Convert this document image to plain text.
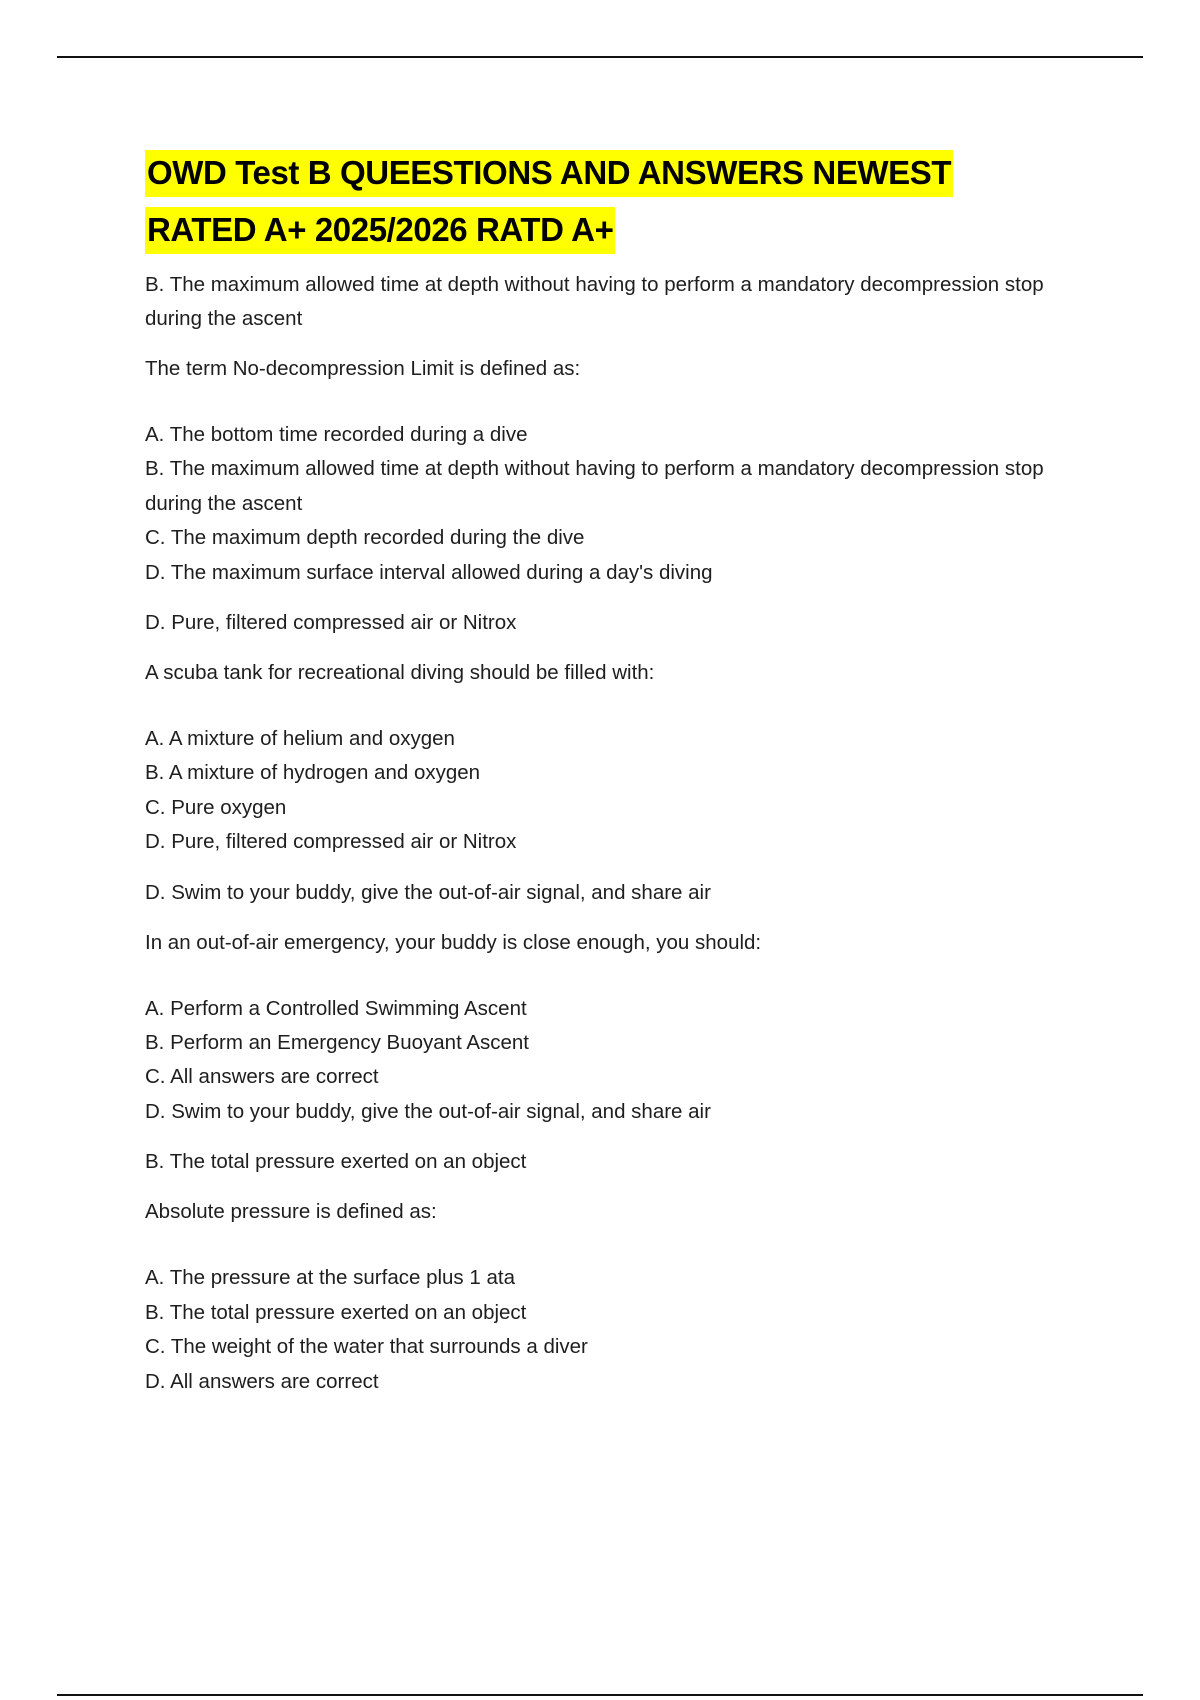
OWD Test B QUEESTIONS AND ANSWERS NEWEST
RATED A+ 2025/2026 RATD A+

B. The maximum allowed time at depth without having to perform a mandatory decompression stop during the ascent

The term No-decompression Limit is defined as:

A. The bottom time recorded during a dive
B. The maximum allowed time at depth without having to perform a mandatory decompression stop during the ascent
C. The maximum depth recorded during the dive
D. The maximum surface interval allowed during a day's diving

D. Pure, filtered compressed air or Nitrox

A scuba tank for recreational diving should be filled with:

A. A mixture of helium and oxygen
B. A mixture of hydrogen and oxygen
C. Pure oxygen
D. Pure, filtered compressed air or Nitrox

D. Swim to your buddy, give the out-of-air signal, and share air

In an out-of-air emergency, your buddy is close enough, you should:

A. Perform a Controlled Swimming Ascent
B. Perform an Emergency Buoyant Ascent
C. All answers are correct
D. Swim to your buddy, give the out-of-air signal, and share air

B. The total pressure exerted on an object

Absolute pressure is defined as:

A. The pressure at the surface plus 1 ata
B. The total pressure exerted on an object
C. The weight of the water that surrounds a diver
D. All answers are correct
